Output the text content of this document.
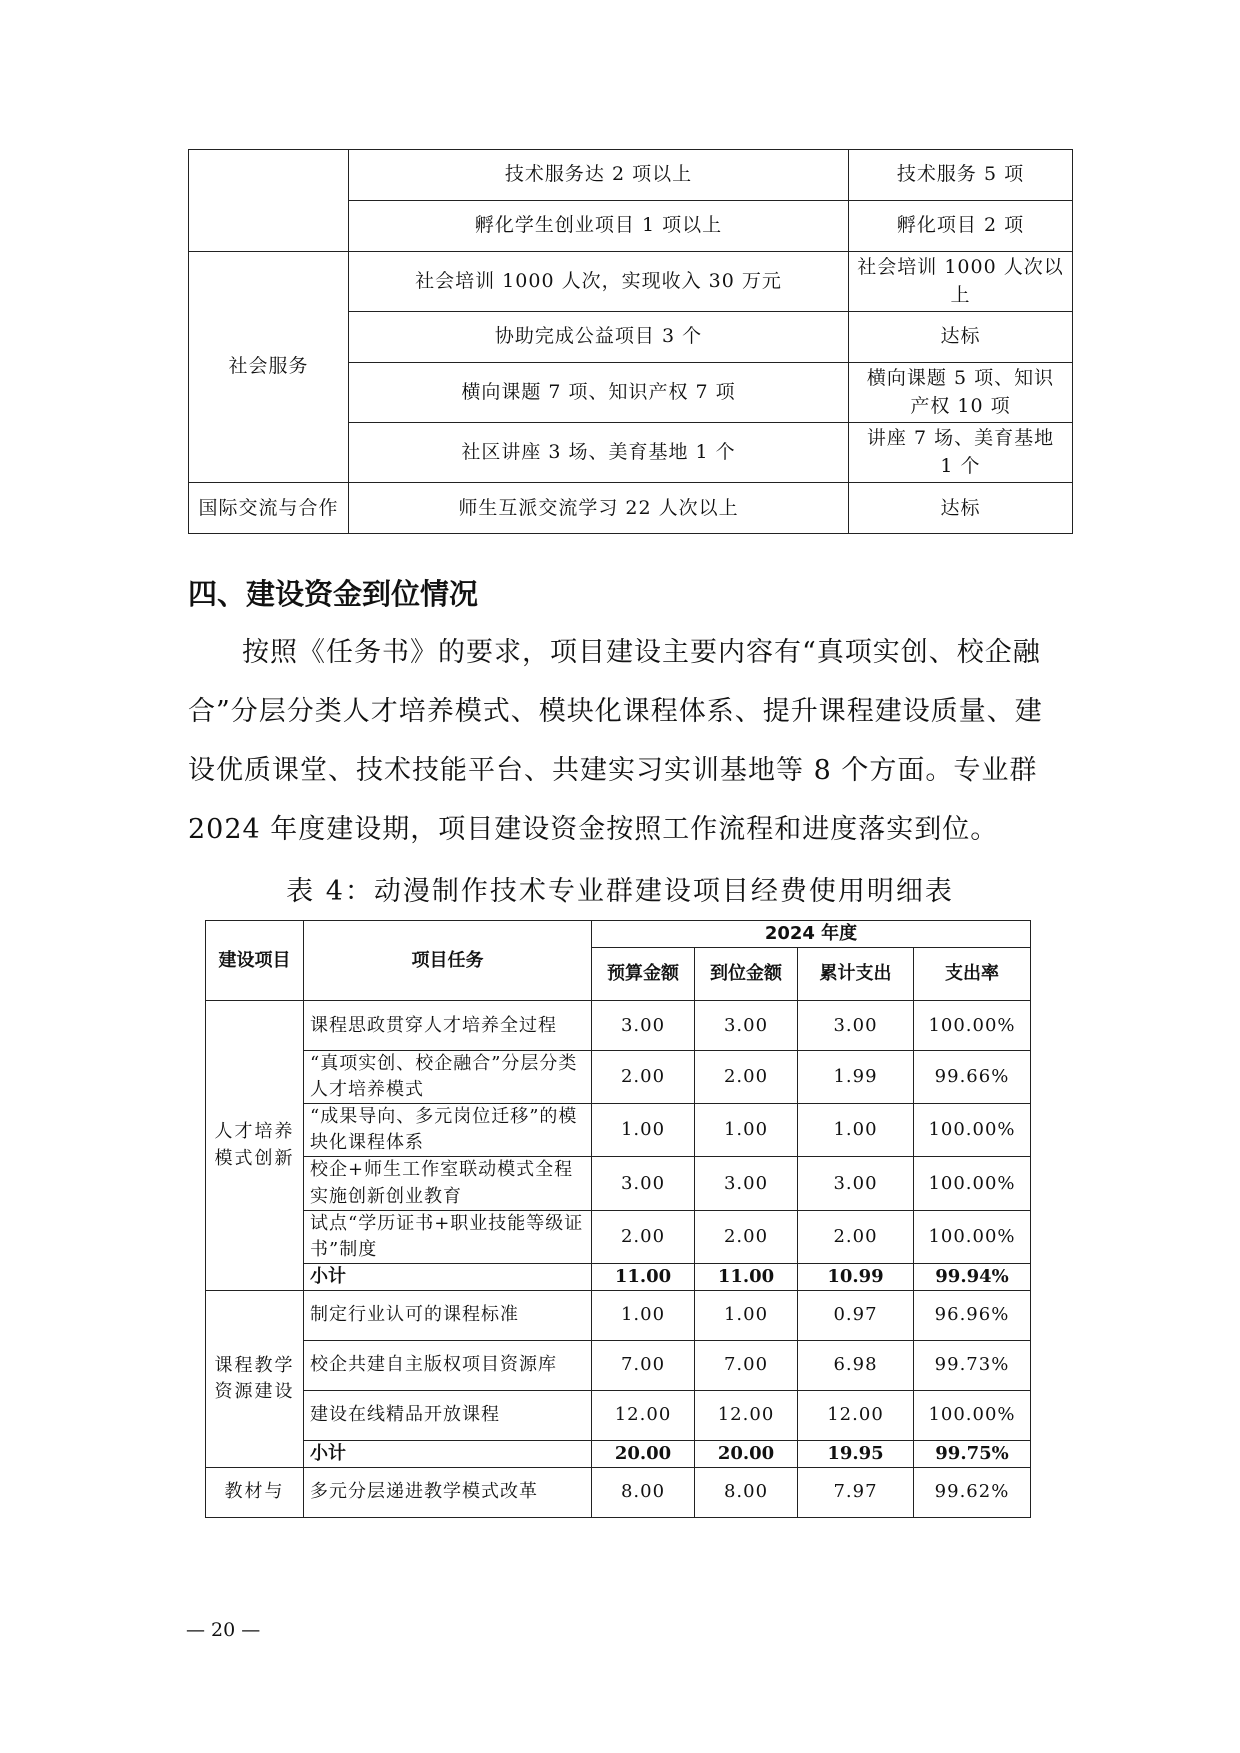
	技术服务达 2 项以上	技术服务 5 项
	孵化学生创业项目 1 项以上	孵化项目 2 项
社会服务	社会培训 1000 人次，实现收入 30 万元	社会培训 1000 人次以上
	协助完成公益项目 3 个	达标
	横向课题 7 项、知识产权 7 项	横向课题 5 项、知识产权 10 项
	社区讲座 3 场、美育基地 1 个	讲座 7 场、美育基地 1 个
国际交流与合作	师生互派交流学习 22 人次以上	达标
四、建设资金到位情况

按照《任务书》的要求，项目建设主要内容有“真项实创、校企融合”分层分类人才培养模式、模块化课程体系、提升课程建设质量、建设优质课堂、技术技能平台、共建实习实训基地等 8 个方面。专业群 2024 年度建设期，项目建设资金按照工作流程和进度落实到位。

表 4：动漫制作技术专业群建设项目经费使用明细表

建设项目	项目任务	2024 年度			
		预算金额	到位金额	累计支出	支出率
人才培养模式创新	课程思政贯穿人才培养全过程	3.00	3.00	3.00	100.00%
	“真项实创、校企融合”分层分类人才培养模式	2.00	2.00	1.99	99.66%
	“成果导向、多元岗位迁移”的模块化课程体系	1.00	1.00	1.00	100.00%
	校企+师生工作室联动模式全程实施创新创业教育	3.00	3.00	3.00	100.00%
	试点“学历证书+职业技能等级证书”制度	2.00	2.00	2.00	100.00%
	小计	11.00	11.00	10.99	99.94%
课程教学资源建设	制定行业认可的课程标准	1.00	1.00	0.97	96.96%
	校企共建自主版权项目资源库	7.00	7.00	6.98	99.73%
	建设在线精品开放课程	12.00	12.00	12.00	100.00%
	小计	20.00	20.00	19.95	99.75%
教材与	多元分层递进教学模式改革	8.00	8.00	7.97	99.62%

— 20 —
